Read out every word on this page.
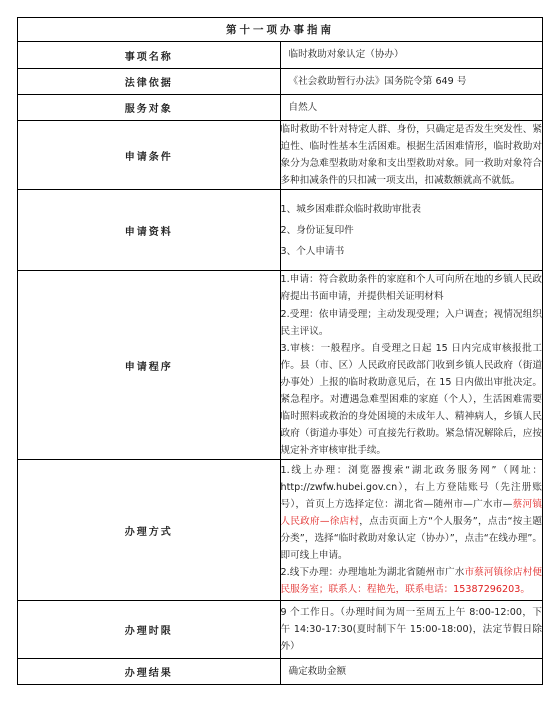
第十一项办事指南	
事项名称	临时救助对象认定（协办）
法律依据	《社会救助暂行办法》国务院令第 649 号
服务对象	自然人
申请条件	临时救助不针对特定人群、身份，只确定是否发生突发性、紧迫性、临时性基本生活困难。根据生活困难情形，临时救助对象分为急难型救助对象和支出型救助对象。同一救助对象符合多种扣减条件的只扣减一项支出，扣减数额就高不就低。
申请资料	1、城乡困难群众临时救助审批表

2、身份证复印件

3、个人申请书

申请程序	1.申请：符合救助条件的家庭和个人可向所在地的乡镇人民政府提出书面申请，并提供相关证明材料

2.受理：依申请受理；主动发现受理；入户调查；视情况组织民主评议。

3.审核：一般程序。自受理之日起 15 日内完成审核报批工作。县（市、区）人民政府民政部门收到乡镇人民政府（街道办事处）上报的临时救助意见后，在 15 日内做出审批决定。紧急程序。对遭遇急难型困难的家庭（个人），生活困难需要临时照料或救治的身处困境的未成年人、精神病人，乡镇人民政府（街道办事处）可直接先行救助。紧急情况解除后，应按规定补齐审核审批手续。

办理方式	1.线上办理：浏览器搜索“湖北政务服务网”（网址：http://zwfw.hubei.gov.cn），右上方登陆账号（先注册账号），首页上方选择定位：湖北省—随州市—广水市—蔡河镇人民政府—徐店村，点击页面上方“个人服务”，点击“按主题分类”，选择“临时救助对象认定（协办）”，点击“在线办理”。即可线上申请。

2.线下办理：办理地址为湖北省随州市广水市蔡河镇徐店村便民服务室；联系人：程艳先，联系电话：15387296203。

办理时限	9 个工作日。（办理时间为周一至周五上午 8:00-12:00，下午 14:30-17:30(夏时制下午 15:00-18:00)，法定节假日除外）
办理结果	确定救助金额
